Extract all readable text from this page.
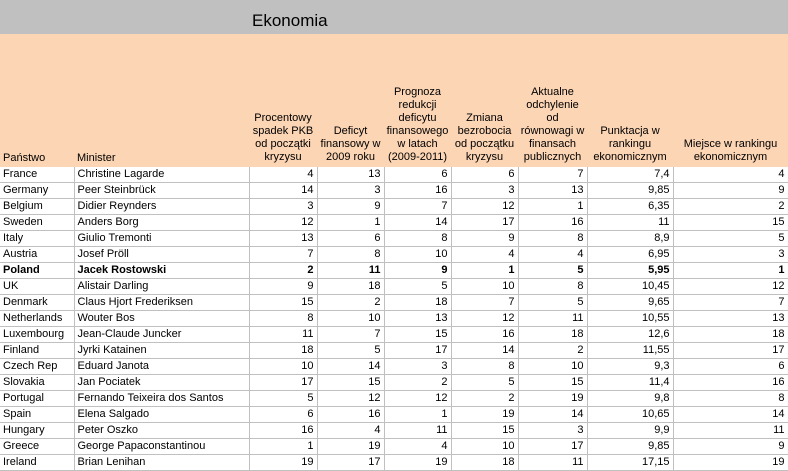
Ekonomia
Państwo	Minister	Procentowy spadek PKB od początki kryzysu	Deficyt finansowy w 2009 roku	Prognoza redukcji deficytu finansowego w latach (2009-2011)	Zmiana bezrobocia od początku kryzysu	Aktualne odchylenie od równowagi w finansach publicznych	Punktacja w rankingu ekonomicznym	Miejsce w rankingu ekonomicznym
France	Christine Lagarde	4	13	6	6	7	7,4	4
Germany	Peer Steinbrück	14	3	16	3	13	9,85	9
Belgium	Didier Reynders	3	9	7	12	1	6,35	2
Sweden	Anders Borg	12	1	14	17	16	11	15
Italy	Giulio Tremonti	13	6	8	9	8	8,9	5
Austria	Josef Pröll	7	8	10	4	4	6,95	3
Poland	Jacek Rostowski	2	11	9	1	5	5,95	1
UK	Alistair Darling	9	18	5	10	8	10,45	12
Denmark	Claus Hjort Frederiksen	15	2	18	7	5	9,65	7
Netherlands	Wouter Bos	8	10	13	12	11	10,55	13
Luxembourg	Jean-Claude Juncker	11	7	15	16	18	12,6	18
Finland	Jyrki Katainen	18	5	17	14	2	11,55	17
Czech Rep	Eduard Janota	10	14	3	8	10	9,3	6
Slovakia	Jan Pociatek	17	15	2	5	15	11,4	16
Portugal	Fernando Teixeira dos Santos	5	12	12	2	19	9,8	8
Spain	Elena Salgado	6	16	1	19	14	10,65	14
Hungary	Peter Oszko	16	4	11	15	3	9,9	11
Greece	George Papaconstantinou	1	19	4	10	17	9,85	9
Ireland	Brian Lenihan	19	17	19	18	11	17,15	19
